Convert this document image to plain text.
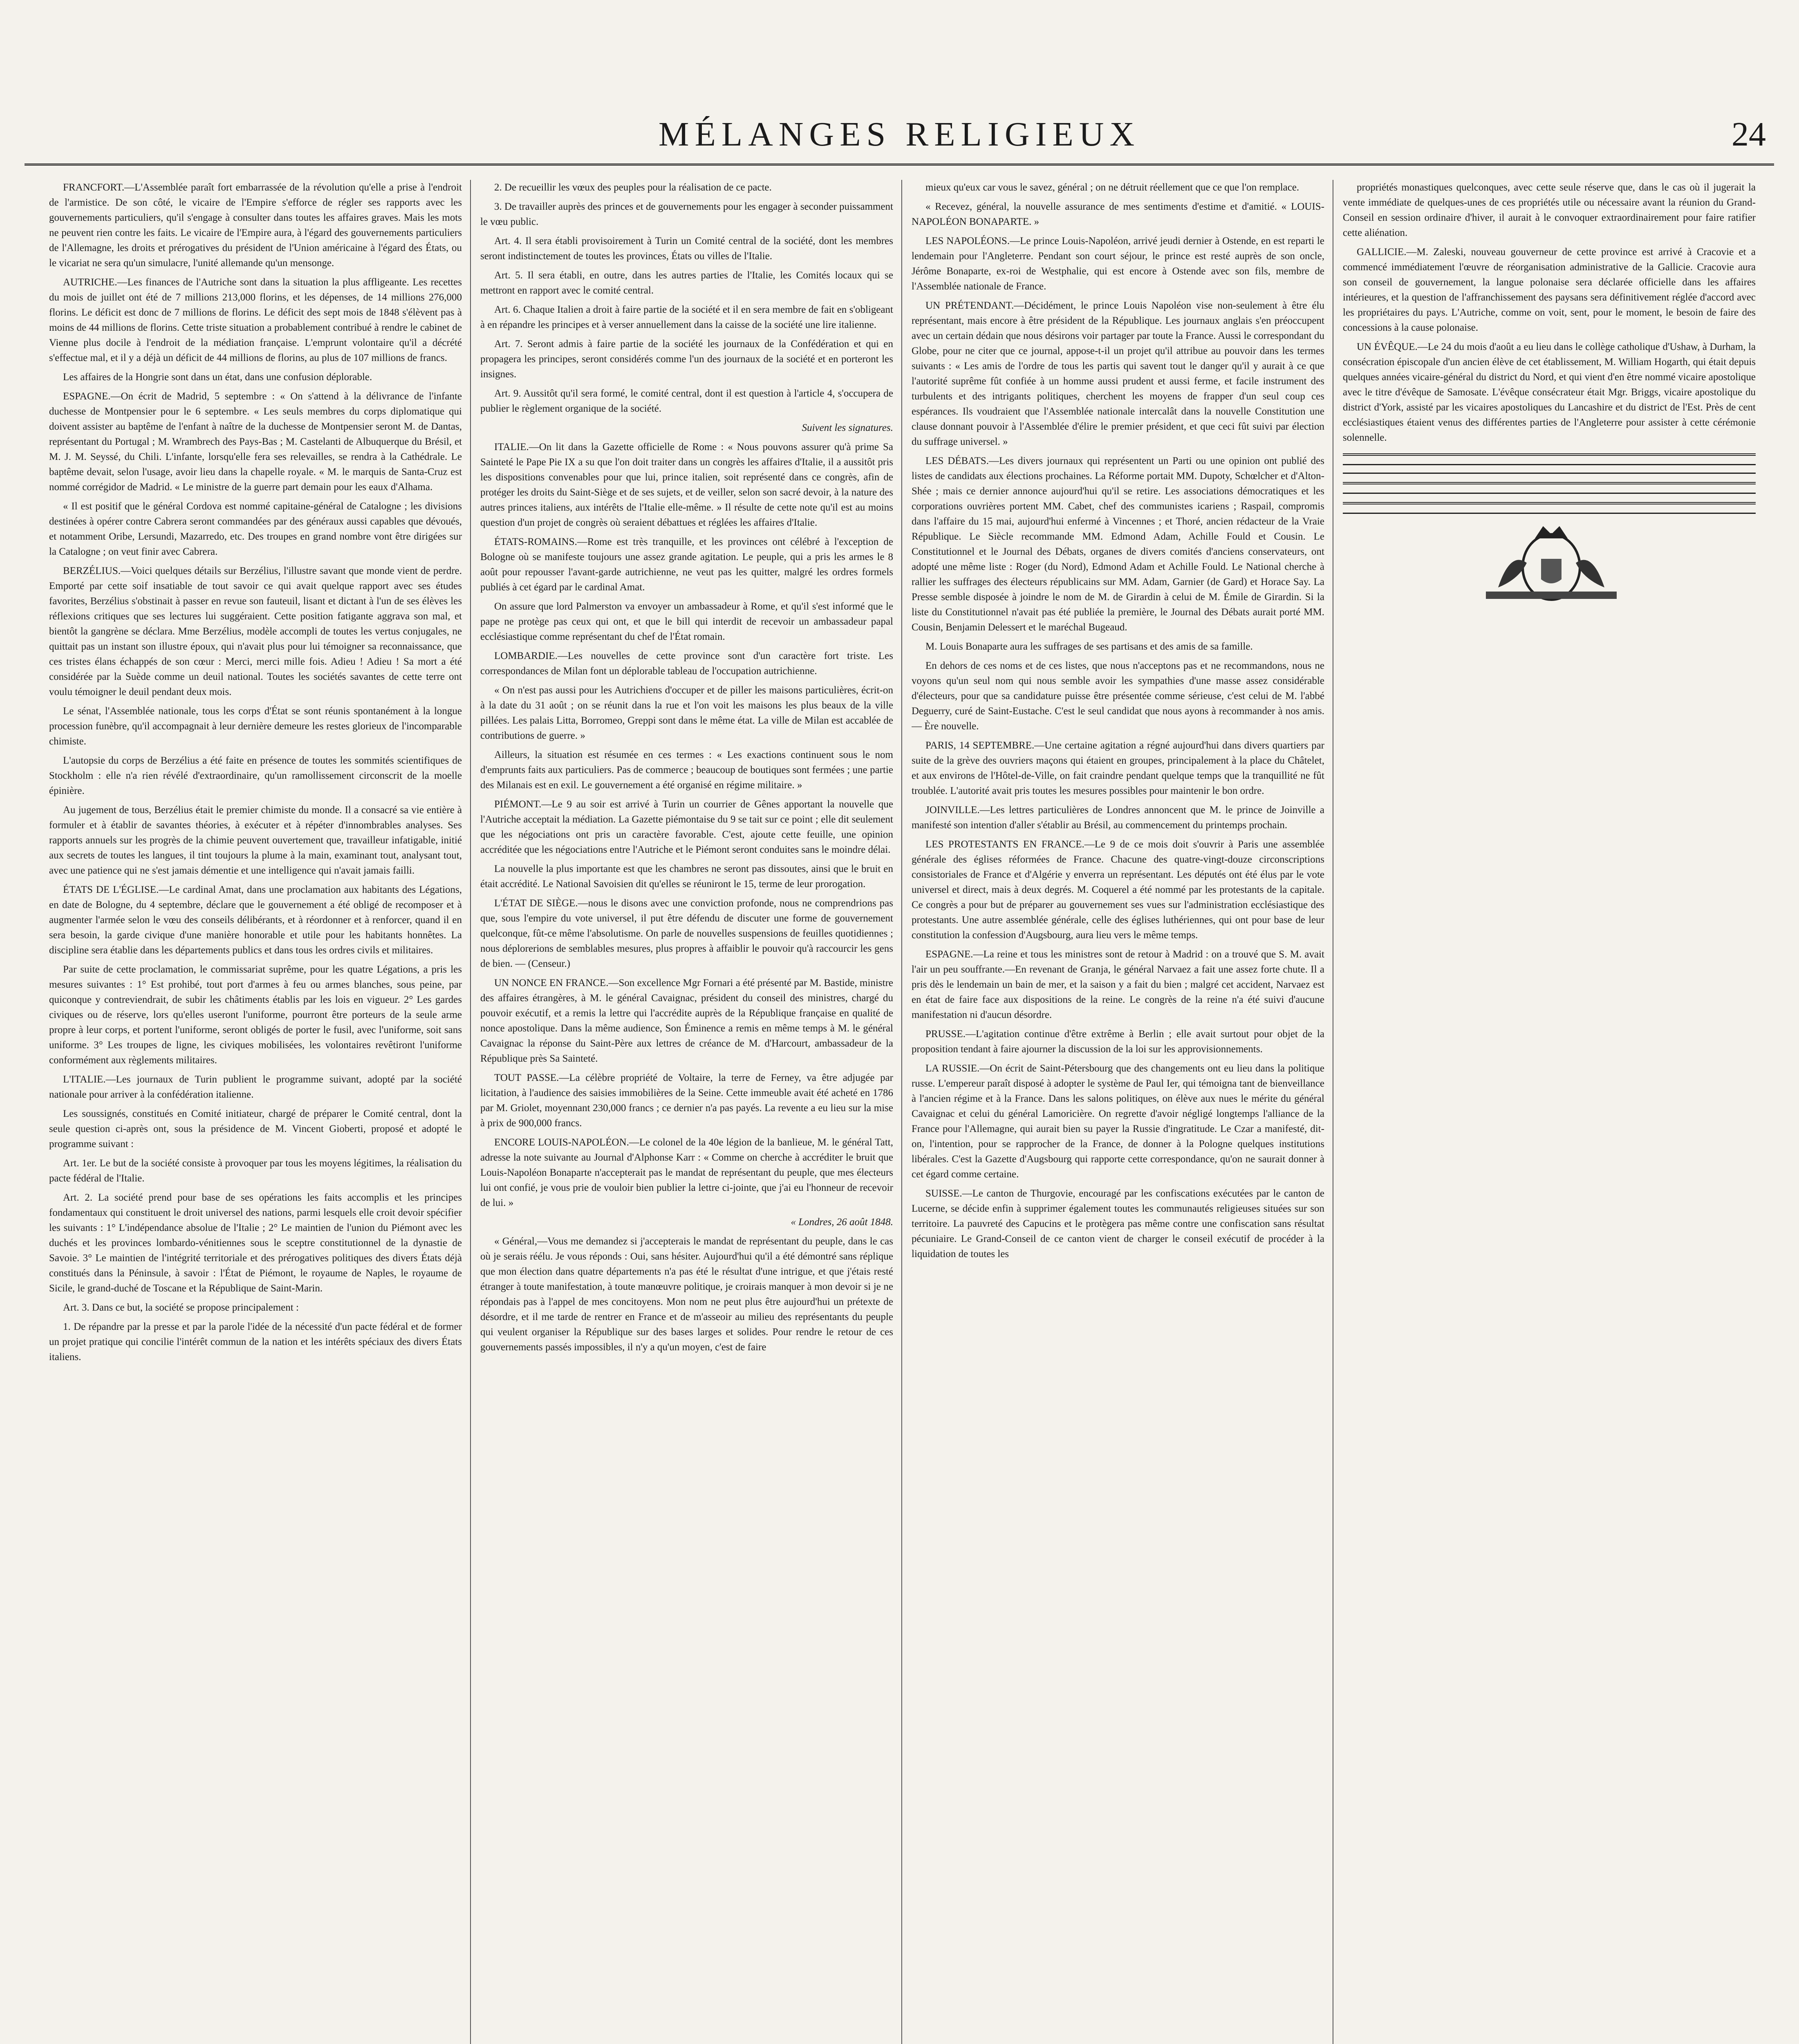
MÉLANGES RELIGIEUX	24

FRANCFORT.—L'Assemblée paraît fort embarrassée de la révolution qu'elle a prise à l'endroit de l'armistice. De son côté, le vicaire de l'Empire s'efforce de régler ses rapports avec les gouvernements particuliers, qu'il s'engage à consulter dans toutes les affaires graves. Mais les mots ne peuvent rien contre les faits. Le vicaire de l'Empire aura, à l'égard des gouvernements particuliers de l'Allemagne, les droits et prérogatives du président de l'Union américaine à l'égard des États, ou le vicariat ne sera qu'un simulacre, l'unité allemande qu'un mensonge.

AUTRICHE.—Les finances de l'Autriche sont dans la situation la plus affligeante. Les recettes du mois de juillet ont été de 7 millions 213,000 florins, et les dépenses, de 14 millions 276,000 florins. Le déficit est donc de 7 millions de florins. Le déficit des sept mois de 1848 s'élèvent pas à moins de 44 millions de florins. Cette triste situation a probablement contribué à rendre le cabinet de Vienne plus docile à l'endroit de la médiation française. L'emprunt volontaire qu'il a décrété s'effectue mal, et il y a déjà un déficit de 44 millions de florins, au plus de 107 millions de francs.

Les affaires de la Hongrie sont dans un état, dans une confusion déplorable.

ESPAGNE.—On écrit de Madrid, 5 septembre : « On s'attend à la délivrance de l'infante duchesse de Montpensier pour le 6 septembre. « Les seuls membres du corps diplomatique qui doivent assister au baptême de l'enfant à naître de la duchesse de Montpensier seront M. de Dantas, représentant du Portugal ; M. Wrambrech des Pays-Bas ; M. Castelanti de Albuquerque du Brésil, et M. J. M. Seyssé, du Chili. L'infante, lorsqu'elle fera ses relevailles, se rendra à la Cathédrale. Le baptême devait, selon l'usage, avoir lieu dans la chapelle royale. « M. le marquis de Santa-Cruz est nommé corrégidor de Madrid. « Le ministre de la guerre part demain pour les eaux d'Alhama.

« Il est positif que le général Cordova est nommé capitaine-général de Catalogne ; les divisions destinées à opérer contre Cabrera seront commandées par des généraux aussi capables que dévoués, et notamment Oribe, Lersundi, Mazarredo, etc. Des troupes en grand nombre vont être dirigées sur la Catalogne ; on veut finir avec Cabrera.

BERZÉLIUS.—Voici quelques détails sur Berzélius, l'illustre savant que monde vient de perdre. Emporté par cette soif insatiable de tout savoir ce qui avait quelque rapport avec ses études favorites, Berzélius s'obstinait à passer en revue son fauteuil, lisant et dictant à l'un de ses élèves les réflexions critiques que ses lectures lui suggéraient. Cette position fatigante aggrava son mal, et bientôt la gangrène se déclara. Mme Berzélius, modèle accompli de toutes les vertus conjugales, ne quittait pas un instant son illustre époux, qui n'avait plus pour lui témoigner sa reconnaissance, que ces tristes élans échappés de son cœur : Merci, merci mille fois. Adieu ! Adieu ! Sa mort a été considérée par la Suède comme un deuil national. Toutes les sociétés savantes de cette terre ont voulu témoigner le deuil pendant deux mois.

Le sénat, l'Assemblée nationale, tous les corps d'État se sont réunis spontanément à la longue procession funèbre, qu'il accompagnait à leur dernière demeure les restes glorieux de l'incomparable chimiste.

L'autopsie du corps de Berzélius a été faite en présence de toutes les sommités scientifiques de Stockholm : elle n'a rien révélé d'extraordinaire, qu'un ramollissement circonscrit de la moelle épinière.

Au jugement de tous, Berzélius était le premier chimiste du monde. Il a consacré sa vie entière à formuler et à établir de savantes théories, à exécuter et à répéter d'innombrables analyses. Ses rapports annuels sur les progrès de la chimie peuvent ouvertement que, travailleur infatigable, initié aux secrets de toutes les langues, il tint toujours la plume à la main, examinant tout, analysant tout, avec une patience qui ne s'est jamais démentie et une intelligence qui n'avait jamais failli.

ÉTATS DE L'ÉGLISE.—Le cardinal Amat, dans une proclamation aux habitants des Légations, en date de Bologne, du 4 septembre, déclare que le gouvernement a été obligé de recomposer et à augmenter l'armée selon le vœu des conseils délibérants, et à réordonner et à renforcer, quand il en sera besoin, la garde civique d'une manière honorable et utile pour les habitants honnêtes. La discipline sera établie dans les départements publics et dans tous les ordres civils et militaires.

Par suite de cette proclamation, le commissariat suprême, pour les quatre Légations, a pris les mesures suivantes : 1° Est prohibé, tout port d'armes à feu ou armes blanches, sous peine, par quiconque y contreviendrait, de subir les châtiments établis par les lois en vigueur. 2° Les gardes civiques ou de réserve, lors qu'elles useront l'uniforme, pourront être porteurs de la seule arme propre à leur corps, et portent l'uniforme, seront obligés de porter le fusil, avec l'uniforme, soit sans uniforme. 3° Les troupes de ligne, les civiques mobilisées, les volontaires revêtiront l'uniforme conformément aux règlements militaires.

L'ITALIE.—Les journaux de Turin publient le programme suivant, adopté par la société nationale pour arriver à la confédération italienne.

Les soussignés, constitués en Comité initiateur, chargé de préparer le Comité central, dont la seule question ci-après ont, sous la présidence de M. Vincent Gioberti, proposé et adopté le programme suivant :

Art. 1er. Le but de la société consiste à provoquer par tous les moyens légitimes, la réalisation du pacte fédéral de l'Italie.

Art. 2. La société prend pour base de ses opérations les faits accomplis et les principes fondamentaux qui constituent le droit universel des nations, parmi lesquels elle croit devoir spécifier les suivants : 1° L'indépendance absolue de l'Italie ; 2° Le maintien de l'union du Piémont avec les duchés et les provinces lombardo-vénitiennes sous le sceptre constitutionnel de la dynastie de Savoie. 3° Le maintien de l'intégrité territoriale et des prérogatives politiques des divers États déjà constitués dans la Péninsule, à savoir : l'État de Piémont, le royaume de Naples, le royaume de Sicile, le grand-duché de Toscane et la République de Saint-Marin.

Art. 3. Dans ce but, la société se propose principalement :

1. De répandre par la presse et par la parole l'idée de la nécessité d'un pacte fédéral et de former un projet pratique qui concilie l'intérêt commun de la nation et les intérêts spéciaux des divers États italiens.

2. De recueillir les vœux des peuples pour la réalisation de ce pacte.

3. De travailler auprès des princes et de gouvernements pour les engager à seconder puissamment le vœu public.

Art. 4. Il sera établi provisoirement à Turin un Comité central de la société, dont les membres seront indistinctement de toutes les provinces, États ou villes de l'Italie.

Art. 5. Il sera établi, en outre, dans les autres parties de l'Italie, les Comités locaux qui se mettront en rapport avec le comité central.

Art. 6. Chaque Italien a droit à faire partie de la société et il en sera membre de fait en s'obligeant à en répandre les principes et à verser annuellement dans la caisse de la société une lire italienne.

Art. 7. Seront admis à faire partie de la société les journaux de la Confédération et qui en propagera les principes, seront considérés comme l'un des journaux de la société et en porteront les insignes.

Art. 9. Aussitôt qu'il sera formé, le comité central, dont il est question à l'article 4, s'occupera de publier le règlement organique de la société.

Suivent les signatures.

ITALIE.—On lit dans la Gazette officielle de Rome : « Nous pouvons assurer qu'à prime Sa Sainteté le Pape Pie IX a su que l'on doit traiter dans un congrès les affaires d'Italie, il a aussitôt pris les dispositions convenables pour que lui, prince italien, soit représenté dans ce congrès, afin de protéger les droits du Saint-Siège et de ses sujets, et de veiller, selon son sacré devoir, à la nature des autres princes italiens, aux intérêts de l'Italie elle-même. » Il résulte de cette note qu'il est au moins question d'un projet de congrès où seraient débattues et réglées les affaires d'Italie.

ÉTATS-ROMAINS.—Rome est très tranquille, et les provinces ont célébré à l'exception de Bologne où se manifeste toujours une assez grande agitation. Le peuple, qui a pris les armes le 8 août pour repousser l'avant-garde autrichienne, ne veut pas les quitter, malgré les ordres formels publiés à cet égard par le cardinal Amat.

On assure que lord Palmerston va envoyer un ambassadeur à Rome, et qu'il s'est informé que le pape ne protège pas ceux qui ont, et que le bill qui interdit de recevoir un ambassadeur papal ecclésiastique comme représentant du chef de l'État romain.

LOMBARDIE.—Les nouvelles de cette province sont d'un caractère fort triste. Les correspondances de Milan font un déplorable tableau de l'occupation autrichienne.

« On n'est pas aussi pour les Autrichiens d'occuper et de piller les maisons particulières, écrit-on à la date du 31 août ; on se réunit dans la rue et l'on voit les maisons les plus beaux de la ville pillées. Les palais Litta, Borromeo, Greppi sont dans le même état. La ville de Milan est accablée de contributions de guerre. »

Ailleurs, la situation est résumée en ces termes : « Les exactions continuent sous le nom d'emprunts faits aux particuliers. Pas de commerce ; beaucoup de boutiques sont fermées ; une partie des Milanais est en exil. Le gouvernement a été organisé en régime militaire. »

PIÉMONT.—Le 9 au soir est arrivé à Turin un courrier de Gênes apportant la nouvelle que l'Autriche acceptait la médiation. La Gazette piémontaise du 9 se tait sur ce point ; elle dit seulement que les négociations ont pris un caractère favorable. C'est, ajoute cette feuille, une opinion accréditée que les négociations entre l'Autriche et le Piémont seront conduites sans le moindre délai.

La nouvelle la plus importante est que les chambres ne seront pas dissoutes, ainsi que le bruit en était accrédité. Le National Savoisien dit qu'elles se réuniront le 15, terme de leur prorogation.

L'ÉTAT DE SIÈGE.—nous le disons avec une conviction profonde, nous ne comprendrions pas que, sous l'empire du vote universel, il put être défendu de discuter une forme de gouvernement quelconque, fût-ce même l'absolutisme. On parle de nouvelles suspensions de feuilles quotidiennes ; nous déplorerions de semblables mesures, plus propres à affaiblir le pouvoir qu'à raccourcir les gens de bien. — (Censeur.)

UN NONCE EN FRANCE.—Son excellence Mgr Fornari a été présenté par M. Bastide, ministre des affaires étrangères, à M. le général Cavaignac, président du conseil des ministres, chargé du pouvoir exécutif, et a remis la lettre qui l'accrédite auprès de la République française en qualité de nonce apostolique. Dans la même audience, Son Éminence a remis en même temps à M. le général Cavaignac la réponse du Saint-Père aux lettres de créance de M. d'Harcourt, ambassadeur de la République près Sa Sainteté.

TOUT PASSE.—La célèbre propriété de Voltaire, la terre de Ferney, va être adjugée par licitation, à l'audience des saisies immobilières de la Seine. Cette immeuble avait été acheté en 1786 par M. Griolet, moyennant 230,000 francs ; ce dernier n'a pas payés. La revente a eu lieu sur la mise à prix de 900,000 francs.

ENCORE LOUIS-NAPOLÉON.—Le colonel de la 40e légion de la banlieue, M. le général Tatt, adresse la note suivante au Journal d'Alphonse Karr : « Comme on cherche à accréditer le bruit que Louis-Napoléon Bonaparte n'accepterait pas le mandat de représentant du peuple, que mes électeurs lui ont confié, je vous prie de vouloir bien publier la lettre ci-jointe, que j'ai eu l'honneur de recevoir de lui. »

« Londres, 26 août 1848.

« Général,—Vous me demandez si j'accepterais le mandat de représentant du peuple, dans le cas où je serais réélu. Je vous réponds : Oui, sans hésiter. Aujourd'hui qu'il a été démontré sans réplique que mon élection dans quatre départements n'a pas été le résultat d'une intrigue, et que j'étais resté étranger à toute manifestation, à toute manœuvre politique, je croirais manquer à mon devoir si je ne répondais pas à l'appel de mes concitoyens. Mon nom ne peut plus être aujourd'hui un prétexte de désordre, et il me tarde de rentrer en France et de m'asseoir au milieu des représentants du peuple qui veulent organiser la République sur des bases larges et solides. Pour rendre le retour de ces gouvernements passés impossibles, il n'y a qu'un moyen, c'est de faire

mieux qu'eux car vous le savez, général ; on ne détruit réellement que ce que l'on remplace.

« Recevez, général, la nouvelle assurance de mes sentiments d'estime et d'amitié. « LOUIS-NAPOLÉON BONAPARTE. »

LES NAPOLÉONS.—Le prince Louis-Napoléon, arrivé jeudi dernier à Ostende, en est reparti le lendemain pour l'Angleterre. Pendant son court séjour, le prince est resté auprès de son oncle, Jérôme Bonaparte, ex-roi de Westphalie, qui est encore à Ostende avec son fils, membre de l'Assemblée nationale de France.

UN PRÉTENDANT.—Décidément, le prince Louis Napoléon vise non-seulement à être élu représentant, mais encore à être président de la République. Les journaux anglais s'en préoccupent avec un certain dédain que nous désirons voir partager par toute la France. Aussi le correspondant du Globe, pour ne citer que ce journal, appose-t-il un projet qu'il attribue au pouvoir dans les termes suivants : « Les amis de l'ordre de tous les partis qui savent tout le danger qu'il y aurait à ce que l'autorité suprême fût confiée à un homme aussi prudent et aussi ferme, et facile instrument des turbulents et des intrigants politiques, cherchent les moyens de frapper d'un seul coup ces espérances. Ils voudraient que l'Assemblée nationale intercalât dans la nouvelle Constitution une clause donnant pouvoir à l'Assemblée d'élire le premier président, et que ceci fût suivi par élection du suffrage universel. »

LES DÉBATS.—Les divers journaux qui représentent un Parti ou une opinion ont publié des listes de candidats aux élections prochaines. La Réforme portait MM. Dupoty, Schœlcher et d'Alton-Shée ; mais ce dernier annonce aujourd'hui qu'il se retire. Les associations démocratiques et les corporations ouvrières portent MM. Cabet, chef des communistes icariens ; Raspail, compromis dans l'affaire du 15 mai, aujourd'hui enfermé à Vincennes ; et Thoré, ancien rédacteur de la Vraie République. Le Siècle recommande MM. Edmond Adam, Achille Fould et Cousin. Le Constitutionnel et le Journal des Débats, organes de divers comités d'anciens conservateurs, ont adopté une même liste : Roger (du Nord), Edmond Adam et Achille Fould. Le National cherche à rallier les suffrages des électeurs républicains sur MM. Adam, Garnier (de Gard) et Horace Say. La Presse semble disposée à joindre le nom de M. de Girardin à celui de M. Émile de Girardin. Si la liste du Constitutionnel n'avait pas été publiée la première, le Journal des Débats aurait porté MM. Cousin, Benjamin Delessert et le maréchal Bugeaud.

M. Louis Bonaparte aura les suffrages de ses partisans et des amis de sa famille.

En dehors de ces noms et de ces listes, que nous n'acceptons pas et ne recommandons, nous ne voyons qu'un seul nom qui nous semble avoir les sympathies d'une masse assez considérable d'électeurs, pour que sa candidature puisse être présentée comme sérieuse, c'est celui de M. l'abbé Deguerry, curé de Saint-Eustache. C'est le seul candidat que nous ayons à recommander à nos amis. — Ère nouvelle.

PARIS, 14 SEPTEMBRE.—Une certaine agitation a régné aujourd'hui dans divers quartiers par suite de la grève des ouvriers maçons qui étaient en groupes, principalement à la place du Châtelet, et aux environs de l'Hôtel-de-Ville, on fait craindre pendant quelque temps que la tranquillité ne fût troublée. L'autorité avait pris toutes les mesures possibles pour maintenir le bon ordre.

JOINVILLE.—Les lettres particulières de Londres annoncent que M. le prince de Joinville a manifesté son intention d'aller s'établir au Brésil, au commencement du printemps prochain.

LES PROTESTANTS EN FRANCE.—Le 9 de ce mois doit s'ouvrir à Paris une assemblée générale des églises réformées de France. Chacune des quatre-vingt-douze circonscriptions consistoriales de France et d'Algérie y enverra un représentant. Les députés ont été élus par le vote universel et direct, mais à deux degrés. M. Coquerel a été nommé par les protestants de la capitale. Ce congrès a pour but de préparer au gouvernement ses vues sur l'administration ecclésiastique des protestants. Une autre assemblée générale, celle des églises luthériennes, qui ont pour base de leur constitution la confession d'Augsbourg, aura lieu vers le même temps.

ESPAGNE.—La reine et tous les ministres sont de retour à Madrid : on a trouvé que S. M. avait l'air un peu souffrante.—En revenant de Granja, le général Narvaez a fait une assez forte chute. Il a pris dès le lendemain un bain de mer, et la saison y a fait du bien ; malgré cet accident, Narvaez est en état de faire face aux dispositions de la reine. Le congrès de la reine n'a été suivi d'aucune manifestation ni d'aucun désordre.

PRUSSE.—L'agitation continue d'être extrême à Berlin ; elle avait surtout pour objet de la proposition tendant à faire ajourner la discussion de la loi sur les approvisionnements.

LA RUSSIE.—On écrit de Saint-Pétersbourg que des changements ont eu lieu dans la politique russe. L'empereur paraît disposé à adopter le système de Paul Ier, qui témoigna tant de bienveillance à l'ancien régime et à la France. Dans les salons politiques, on élève aux nues le mérite du général Cavaignac et celui du général Lamoricière. On regrette d'avoir négligé longtemps l'alliance de la France pour l'Allemagne, qui aurait bien su payer la Russie d'ingratitude. Le Czar a manifesté, dit-on, l'intention, pour se rapprocher de la France, de donner à la Pologne quelques institutions libérales. C'est la Gazette d'Augsbourg qui rapporte cette correspondance, qu'on ne saurait donner à cet égard comme certaine.

SUISSE.—Le canton de Thurgovie, encouragé par les confiscations exécutées par le canton de Lucerne, se décide enfin à supprimer également toutes les communautés religieuses situées sur son territoire. La pauvreté des Capucins et le protègera pas même contre une confiscation sans résultat pécuniaire. Le Grand-Conseil de ce canton vient de charger le conseil exécutif de procéder à la liquidation de toutes les

propriétés monastiques quelconques, avec cette seule réserve que, dans le cas où il jugerait la vente immédiate de quelques-unes de ces propriétés utile ou nécessaire avant la réunion du Grand-Conseil en session ordinaire d'hiver, il aurait à le convoquer extraordinairement pour faire ratifier cette aliénation.

GALLICIE.—M. Zaleski, nouveau gouverneur de cette province est arrivé à Cracovie et a commencé immédiatement l'œuvre de réorganisation administrative de la Gallicie. Cracovie aura son conseil de gouvernement, la langue polonaise sera déclarée officielle dans les affaires intérieures, et la question de l'affranchissement des paysans sera définitivement réglée d'accord avec les propriétaires du pays. L'Autriche, comme on voit, sent, pour le moment, le besoin de faire des concessions à la cause polonaise.

UN ÉVÊQUE.—Le 24 du mois d'août a eu lieu dans le collège catholique d'Ushaw, à Durham, la consécration épiscopale d'un ancien élève de cet établissement, M. William Hogarth, qui était depuis quelques années vicaire-général du district du Nord, et qui vient d'en être nommé vicaire apostolique avec le titre d'évêque de Samosate. L'évêque consécrateur était Mgr. Briggs, vicaire apostolique du district d'York, assisté par les vicaires apostoliques du Lancashire et du district de l'Est. Près de cent ecclésiastiques étaient venus des différentes parties de l'Angleterre pour assister à cette cérémonie solennelle.
